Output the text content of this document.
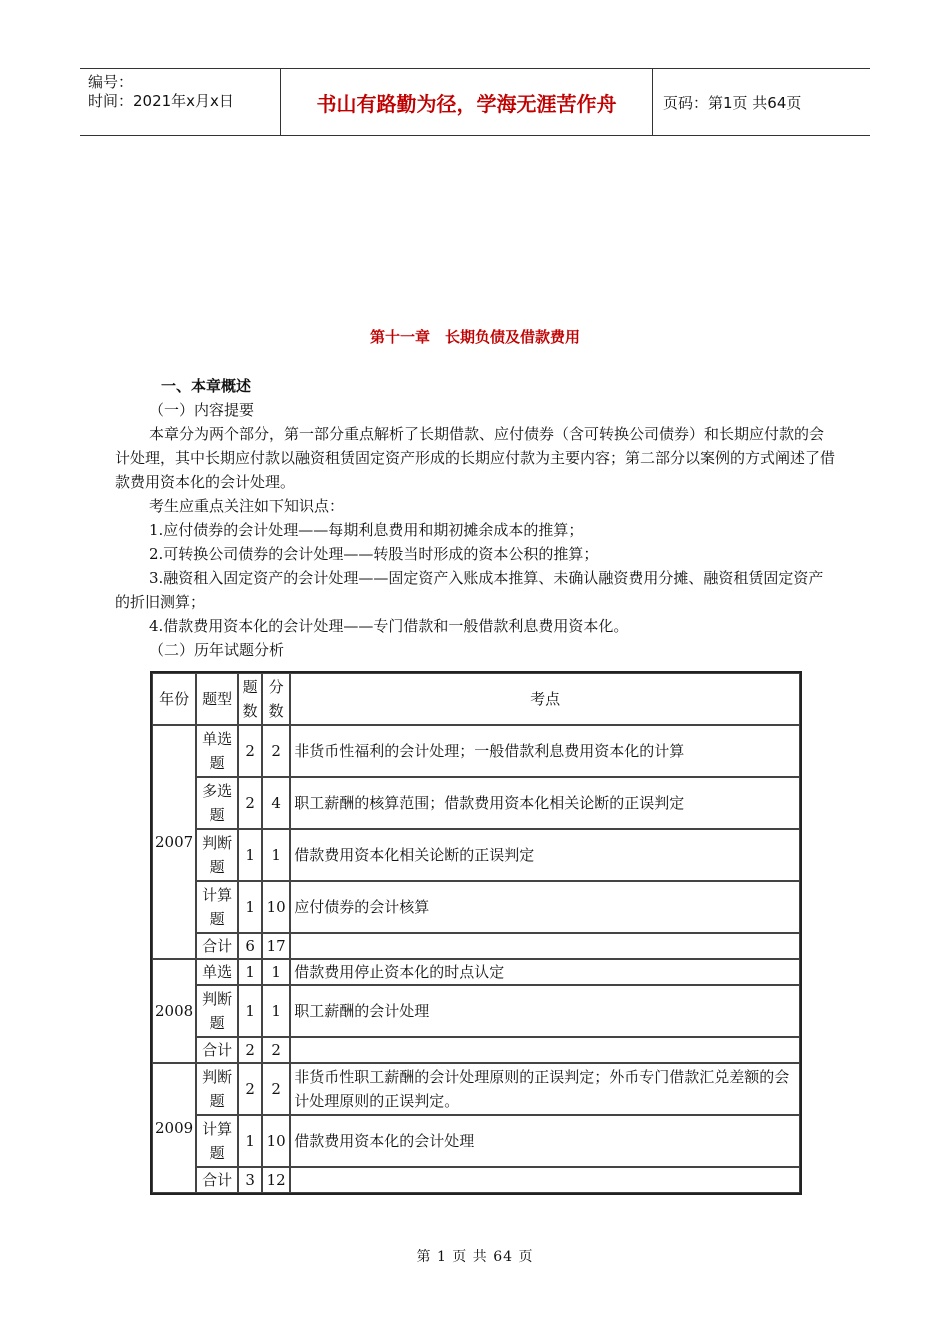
编号：
时间：2021年x月x日	书山有路勤为径，学海无涯苦作舟	页码：第1页 共64页
第十一章　长期负债及借款费用

一、本章概述

（一）内容提要

本章分为两个部分，第一部分重点解析了长期借款、应付债券（含可转换公司债券）和长期应付款的会计处理，其中长期应付款以融资租赁固定资产形成的长期应付款为主要内容；第二部分以案例的方式阐述了借款费用资本化的会计处理。

考生应重点关注如下知识点：

1.应付债券的会计处理——每期利息费用和期初摊余成本的推算；

2.可转换公司债券的会计处理——转股当时形成的资本公积的推算；

3.融资租入固定资产的会计处理——固定资产入账成本推算、未确认融资费用分摊、融资租赁固定资产的折旧测算；

4.借款费用资本化的会计处理——专门借款和一般借款利息费用资本化。

（二）历年试题分析

年份	题型	题数	分数	考点
2007	单选题	2	2	非货币性福利的会计处理；一般借款利息费用资本化的计算
	多选题	2	4	职工薪酬的核算范围；借款费用资本化相关论断的正误判定
	判断题	1	1	借款费用资本化相关论断的正误判定
	计算题	1	10	应付债券的会计核算
	合计	6	17	
2008	单选	1	1	借款费用停止资本化的时点认定
	判断题	1	1	职工薪酬的会计处理
	合计	2	2	
2009	判断题	2	2	非货币性职工薪酬的会计处理原则的正误判定；外币专门借款汇兑差额的会计处理原则的正误判定。
	计算题	1	10	借款费用资本化的会计处理
	合计	3	12	
第 1 页 共 64 页
